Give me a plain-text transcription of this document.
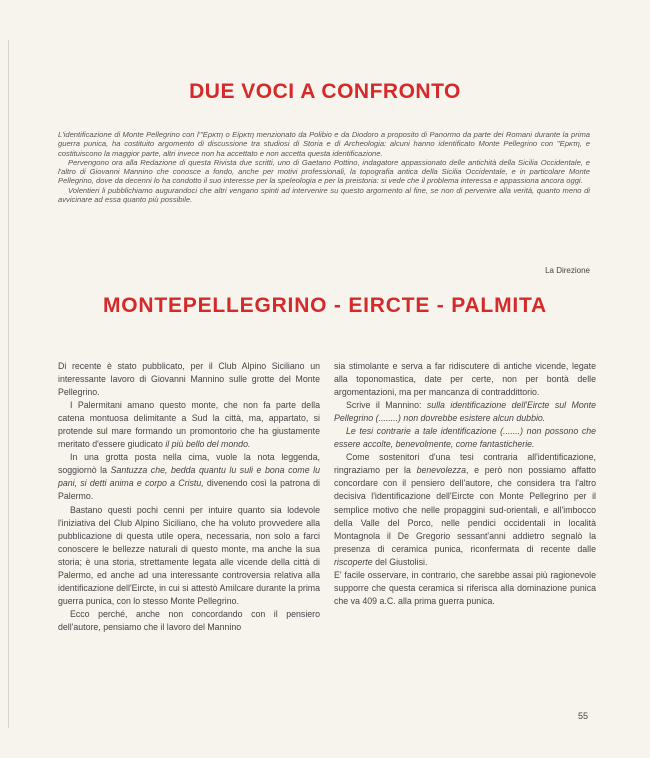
DUE VOCI A CONFRONTO

L'identificazione di Monte Pellegrino con l'"Ερκτη ο Είρκτη menzionato da Polibio e da Diodoro a proposito di Panormo da parte dei Romani durante la prima guerra punica, ha costituito argomento di discussione tra studiosi di Storia e di Archeologia: alcuni hanno identificato Monte Pellegrino con "Ερκτη, e costituiscono la maggior parte, altri invece non ha accettato e non accetta questa identificazione.

Pervengono ora alla Redazione di questa Rivista due scritti, uno di Gaetano Pottino, indagatore appassionato delle antichità della Sicilia Occidentale, e l'altro di Giovanni Mannino che conosce a fondo, anche per motivi professionali, la topografia antica della Sicilia Occidentale, e in particolare Monte Pellegrino, dove da decenni lo ha condotto il suo interesse per la speleologia e per la preistoria: si vede che il problema interessa e appassiona ancora oggi.

Volentieri li pubblichiamo augurandoci che altri vengano spinti ad intervenire su questo argomento al fine, se non di pervenire alla verità, quanto meno di avvicinare ad essa quanto più possibile.

La Direzione
MONTEPELLEGRINO - EIRCTE - PALMITA

Di recente è stato pubblicato, per il Club Alpino Siciliano un interessante lavoro di Giovanni Mannino sulle grotte del Monte Pellegrino.

I Palermitani amano questo monte, che non fa parte della catena montuosa delimitante a Sud la città, ma, appartato, si protende sul mare formando un promontorio che ha giustamente meritato d'essere giudicato il più bello del mondo.

In una grotta posta nella cima, vuole la nota leggenda, soggiornò la Santuzza che, bedda quantu lu suli e bona come lu pani, si detti anima e corpo a Cristu, divenendo così la patrona di Palermo.

Bastano questi pochi cenni per intuire quanto sia lodevole l'iniziativa del Club Alpino Siciliano, che ha voluto provvedere alla pubblicazione di questa utile opera, necessaria, non solo a farci conoscere le bellezze naturali di questo monte, ma anche la sua storia; è una storia, strettamente legata alle vicende della città di Palermo, ed anche ad una interessante controversia relativa alla identificazione dell'Eircte, in cui si attestò Amilcare durante la prima guerra punica, con lo stesso Monte Pellegrino.

Ecco perché, anche non concordando con il pensiero dell'autore, pensiamo che il lavoro del Mannino

sia stimolante e serva a far ridiscutere di antiche vicende, legate alla toponomastica, date per certe, non per bontà delle argomentazioni, ma per mancanza di contraddittorio.

Scrive il Mannino: sulla identificazione dell'Eircte sul Monte Pellegrino (........) non dovrebbe esistere alcun dubbio.

Le tesi contrarie a tale identificazione (.......) non possono che essere accolte, benevolmente, come fantasticherie.

Come sostenitori d'una tesi contraria all'identificazione, ringraziamo per la benevolezza, e però non possiamo affatto concordare con il pensiero dell'autore, che considera tra l'altro decisiva l'identificazione dell'Eircte con Monte Pellegrino per il semplice motivo che nelle propaggini sud-orientali, e all'imbocco della Valle del Porco, nelle pendici occidentali in località Montagnola il De Gregorio sessant'anni addietro segnalò la presenza di ceramica punica, riconfermata di recente dalle riscoperte del Giustolisi.

E' facile osservare, in contrario, che sarebbe assai più ragionevole supporre che questa ceramica si riferisca alla dominazione punica che va 409 a.C. alla prima guerra punica.

55
